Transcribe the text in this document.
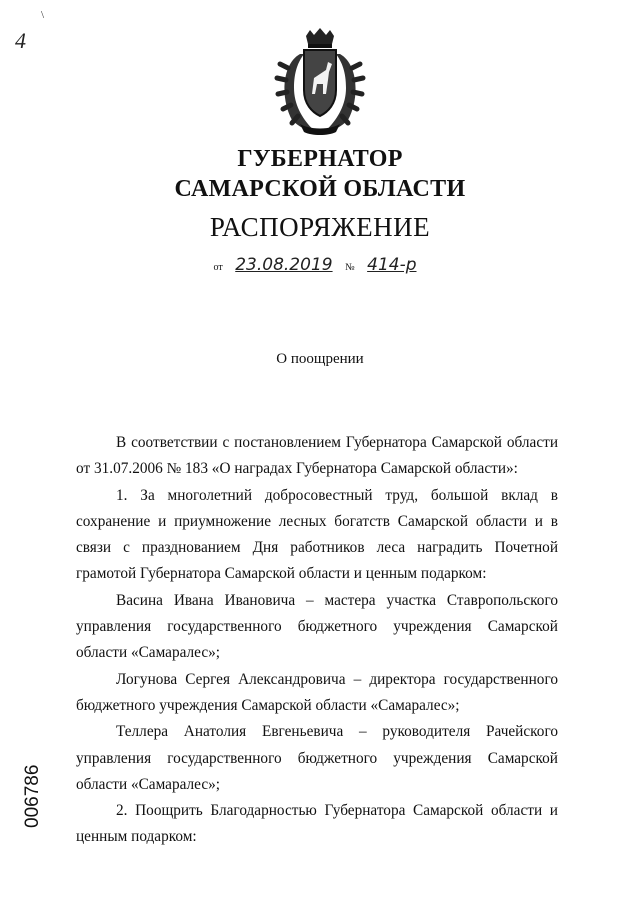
4
\
ГУБЕРНАТОР
САМАРСКОЙ ОБЛАСТИ
РАСПОРЯЖЕНИЕ
от 23.08.2019 № 414-р
О поощрении

В соответствии с постановлением Губернатора Самарской области от 31.07.2006 № 183 «О наградах Губернатора Самарской области»:

1. За многолетний добросовестный труд, большой вклад в сохранение и приумножение лесных богатств Самарской области и в связи с празднованием Дня работников леса наградить Почетной грамотой Губернатора Самарской области и ценным подарком:

Васина Ивана Ивановича – мастера участка Ставропольского управления государственного бюджетного учреждения Самарской области «Самаралес»;

Логунова Сергея Александровича – директора государственного бюджетного учреждения Самарской области «Самаралес»;

Теллера Анатолия Евгеньевича – руководителя Рачейского управления государственного бюджетного учреждения Самарской области «Самаралес»;

2. Поощрить Благодарностью Губернатора Самарской области и ценным подарком:

006786
